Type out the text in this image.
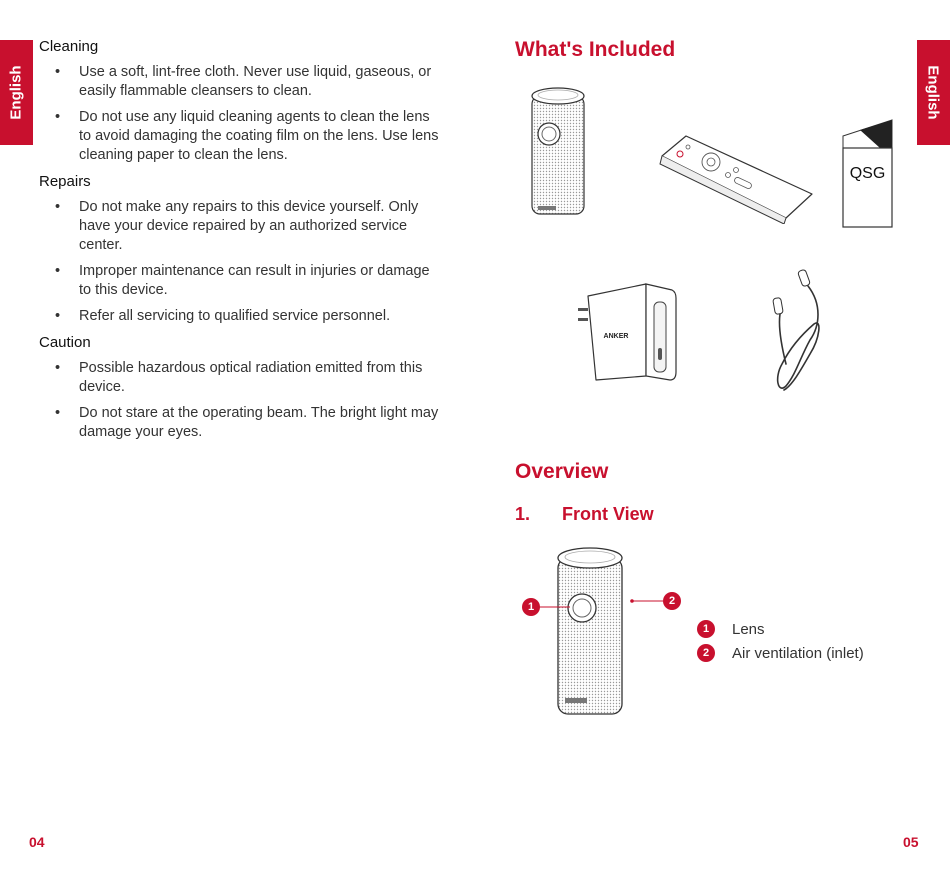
English	English
Cleaning
• Use a soft, lint-free cloth. Never use liquid, gaseous, or easily flammable cleansers to clean.
• Do not use any liquid cleaning agents to clean the lens to avoid damaging the coating film on the lens. Use lens cleaning paper to clean the lens.
Repairs
• Do not make any repairs to this device yourself. Only have your device repaired by an authorized service center.
• Improper maintenance can result in injuries or damage to this device.
• Refer all servicing to qualified service personnel.
Caution
• Possible hazardous optical radiation emitted from this device.
• Do not stare at the operating beam. The bright light may damage your eyes.
What's Included
QSG
ANKER
Overview
1. Front View
1	2
1	Lens
2	Air ventilation (inlet)
04	05
